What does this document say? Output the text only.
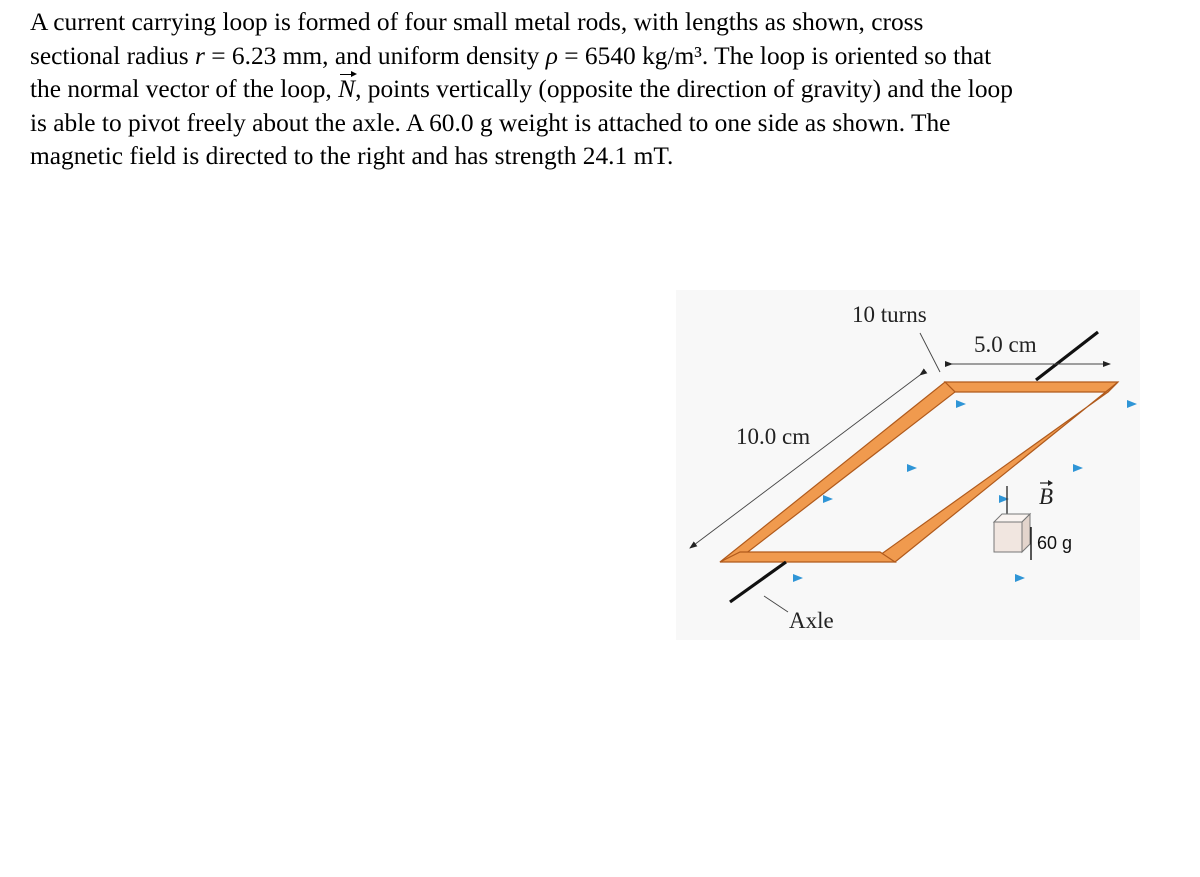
A current carrying loop is formed of four small metal rods, with lengths as shown, cross
sectional radius r = 6.23 mm, and uniform density ρ = 6540 kg/m³. The loop is oriented so that
the normal vector of the loop, N, points vertically (opposite the direction of gravity) and the loop
is able to pivot freely about the axle. A 60.0 g weight is attached to one side as shown. The
magnetic field is directed to the right and has strength 24.1 mT.

10 turns
5.0 cm
10.0 cm
B
60 g
Axle
